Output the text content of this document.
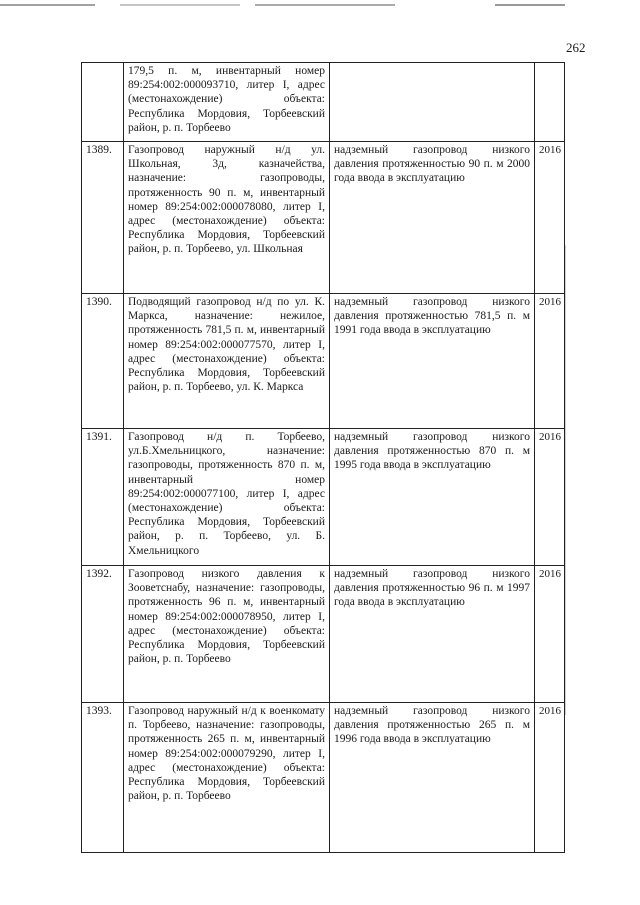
262
	179,5 п. м, инвентарный номер 89:254:002:000093710, литер I, адрес (местонахождение) объекта: Республика Мордовия, Торбеевский район, р. п. Торбеево		
1389.	Газопровод наружный н/д ул. Школьная, 3д, казначейства, назначение: газопроводы, протяженность 90 п. м, инвентарный номер 89:254:002:000078080, литер I, адрес (местонахождение) объекта: Республика Мордовия, Торбеевский район, р. п. Торбеево, ул. Школьная	надземный газопровод низкого давления протяженностью 90 п. м 2000 года ввода в эксплуатацию	2016
1390.	Подводящий газопровод н/д по ул. К. Маркса, назначение: нежилое, протяженность 781,5 п. м, инвентарный номер 89:254:002:000077570, литер I, адрес (местонахождение) объекта: Республика Мордовия, Торбеевский район, р. п. Торбеево, ул. К. Маркса	надземный газопровод низкого давления протяженностью 781,5 п. м 1991 года ввода в эксплуатацию	2016
1391.	Газопровод н/д п. Торбеево, ул.Б.Хмельницкого, назначение: газопроводы, протяженность 870 п. м, инвентарный номер 89:254:002:000077100, литер I, адрес (местонахождение) объекта: Республика Мордовия, Торбеевский район, р. п. Торбеево, ул. Б. Хмельницкого	надземный газопровод низкого давления протяженностью 870 п. м 1995 года ввода в эксплуатацию	2016
1392.	Газопровод низкого давления к Зооветснабу, назначение: газопроводы, протяженность 96 п. м, инвентарный номер 89:254:002:000078950, литер I, адрес (местонахождение) объекта: Республика Мордовия, Торбеевский район, р. п. Торбеево	надземный газопровод низкого давления протяженностью 96 п. м 1997 года ввода в эксплуатацию	2016
1393.	Газопровод наружный н/д к военкомату п. Торбеево, назначение: газопроводы, протяженность 265 п. м, инвентарный номер 89:254:002:000079290, литер I, адрес (местонахождение) объекта: Республика Мордовия, Торбеевский район, р. п. Торбеево	надземный газопровод низкого давления протяженностью 265 п. м 1996 года ввода в эксплуатацию	2016
